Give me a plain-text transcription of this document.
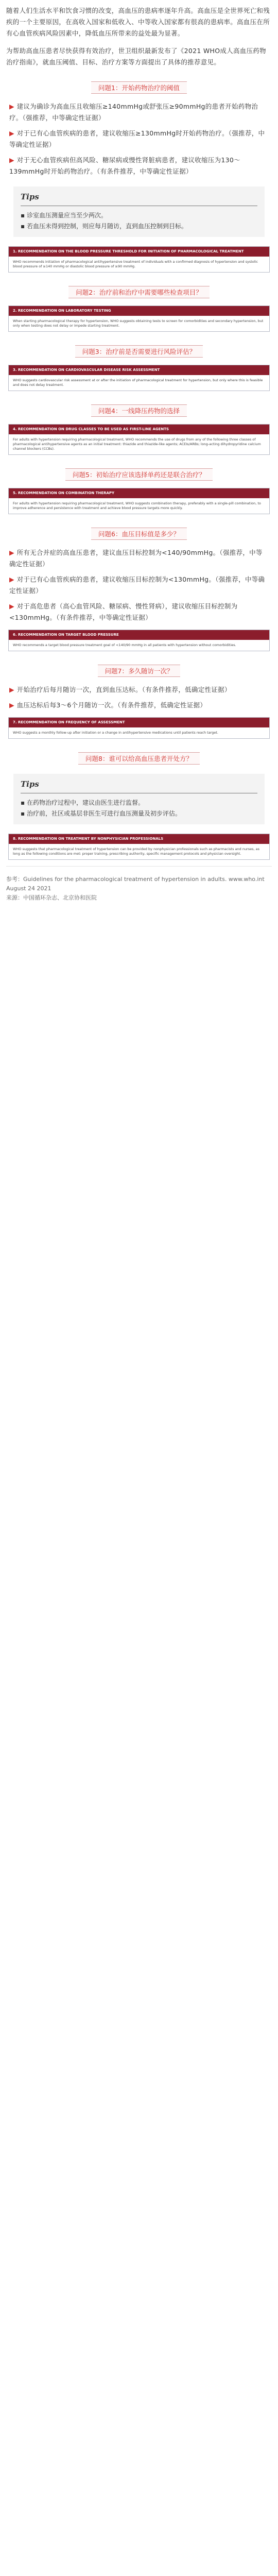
随着人们生活水平和饮食习惯的改变，高血压的患病率逐年升高。高血压是全世界死亡和残疾的一个主要原因，在高收入国家和低收入、中等收入国家都有很高的患病率。高血压在所有心血管疾病风险因素中，降低血压所带来的益处最为显著。

为帮助高血压患者尽快获得有效治疗，世卫组织最新发布了《2021 WHO成人高血压药物治疗指南》，就血压阈值、目标、治疗方案等方面提出了具体的推荐意见。

问题1：开始药物治疗的阈值
▶ 建议为确诊为高血压且收缩压≥140mmHg或舒张压≥90mmHg的患者开始药物治疗。（强推荐，中等确定性证据）
▶ 对于已有心血管疾病的患者，建议收缩压≥130mmHg时开始药物治疗。（强推荐，中等确定性证据）
▶ 对于无心血管疾病但高风险、糖尿病或慢性肾脏病患者，建议收缩压为130～139mmHg时开始药物治疗。（有条件推荐，中等确定性证据）
Tips
▪ 诊室血压测量应当至少两次。
▪ 若血压未得到控制，则应每月随访，直到血压控制到目标。
1. RECOMMENDATION ON THE BLOOD PRESSURE THRESHOLD FOR INITIATION OF PHARMACOLOGICAL TREATMENT
WHO recommends initiation of pharmacological antihypertensive treatment of individuals with a confirmed diagnosis of hypertension and systolic blood pressure of ≥140 mmHg or diastolic blood pressure of ≥90 mmHg.
问题2：治疗前和治疗中需要哪些检查项目？
2. RECOMMENDATION ON LABORATORY TESTING
When starting pharmacological therapy for hypertension, WHO suggests obtaining tests to screen for comorbidities and secondary hypertension, but only when testing does not delay or impede starting treatment.
问题3：治疗前是否需要进行风险评估？
3. RECOMMENDATION ON CARDIOVASCULAR DISEASE RISK ASSESSMENT
WHO suggests cardiovascular risk assessment at or after the initiation of pharmacological treatment for hypertension, but only where this is feasible and does not delay treatment.
问题4：一线降压药物的选择
4. RECOMMENDATION ON DRUG CLASSES TO BE USED AS FIRST-LINE AGENTS
For adults with hypertension requiring pharmacological treatment, WHO recommends the use of drugs from any of the following three classes of pharmacological antihypertensive agents as an initial treatment: thiazide and thiazide-like agents; ACEIs/ARBs; long-acting dihydropyridine calcium channel blockers (CCBs).
问题5：初始治疗应该选择单药还是联合治疗？
5. RECOMMENDATION ON COMBINATION THERAPY
For adults with hypertension requiring pharmacological treatment, WHO suggests combination therapy, preferably with a single-pill combination, to improve adherence and persistence with treatment and achieve blood pressure targets more quickly.
问题6：血压目标值是多少？
▶ 所有无合并症的高血压患者，建议血压目标控制为<140/90mmHg。（强推荐，中等确定性证据）
▶ 对于已有心血管疾病的患者，建议收缩压目标控制为<130mmHg。（强推荐，中等确定性证据）
▶ 对于高危患者（高心血管风险、糖尿病、慢性肾病），建议收缩压目标控制为<130mmHg。（有条件推荐，中等确定性证据）
6. RECOMMENDATION ON TARGET BLOOD PRESSURE
WHO recommends a target blood pressure treatment goal of <140/90 mmHg in all patients with hypertension without comorbidities.
问题7：多久随访一次？
▶ 开始治疗后每月随访一次，直到血压达标。（有条件推荐，低确定性证据）
▶ 血压达标后每3～6个月随访一次。（有条件推荐，低确定性证据）
7. RECOMMENDATION ON FREQUENCY OF ASSESSMENT
WHO suggests a monthly follow-up after initiation or a change in antihypertensive medications until patients reach target.
问题8：谁可以给高血压患者开处方？
Tips
▪ 在药物治疗过程中，建议由医生进行监督。
▪ 治疗前，社区或基层非医生可进行血压测量及初步评估。
8. RECOMMENDATION ON TREATMENT BY NONPHYSICIAN PROFESSIONALS
WHO suggests that pharmacological treatment of hypertension can be provided by nonphysician professionals such as pharmacists and nurses, as long as the following conditions are met: proper training, prescribing authority, specific management protocols and physician oversight.
参考：Guidelines for the pharmacological treatment of hypertension in adults. www.who.int August 24 2021
来源：中国循环杂志、北京协和医院
